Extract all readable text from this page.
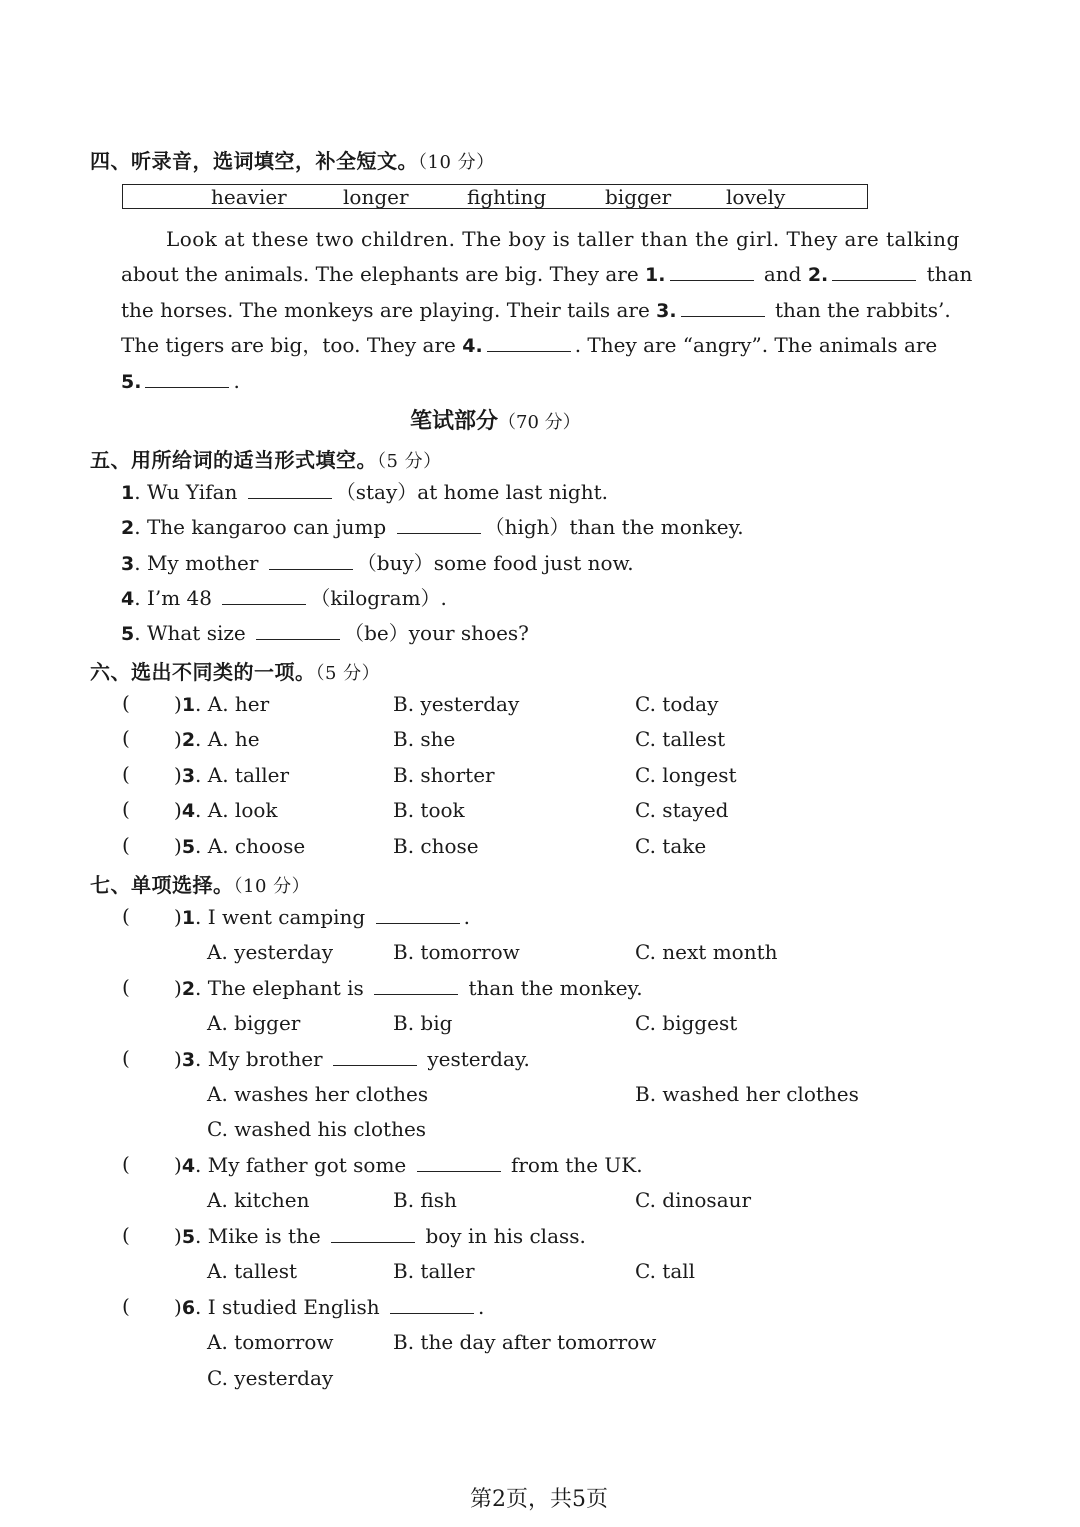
四、听录音，选词填空，补全短文。（10 分）
heavier	longer	fighting	bigger	lovely
Look at these two children. The boy is taller than the girl. They are talking
about the animals. The elephants are big. They are 1.	and 2.	than
the horses. The monkeys are playing. Their tails are 3.	than the rabbits’.
The tigers are big，too. They are 4.	. They are “angry”. The animals are
5.	.
笔试部分（70 分）
五、用所给词的适当形式填空。（5 分）
1. Wu Yifan	（stay）at home last night.
2. The kangaroo can jump	（high）than the monkey.
3. My mother	（buy）some food just now.
4. I’m 48	（kilogram）.
5. What size	（be）your shoes?
六、选出不同类的一项。（5 分）
( )1. A. her	B. yesterday	C. today
( )2. A. he	B. she	C. tallest
( )3. A. taller	B. shorter	C. longest
( )4. A. look	B. took	C. stayed
( )5. A. choose	B. chose	C. take
七、单项选择。（10 分）
( )1. I went camping	.
A. yesterday	B. tomorrow	C. next month
( )2. The elephant is	than the monkey.
A. bigger	B. big	C. biggest
( )3. My brother	yesterday.
A. washes her clothes	B. washed her clothes
C. washed his clothes
( )4. My father got some	from the UK.
A. kitchen	B. fish	C. dinosaur
( )5. Mike is the	boy in his class.
A. tallest	B. taller	C. tall
( )6. I studied English	.
A. tomorrow	B. the day after tomorrow
C. yesterday
第2页，共5页
